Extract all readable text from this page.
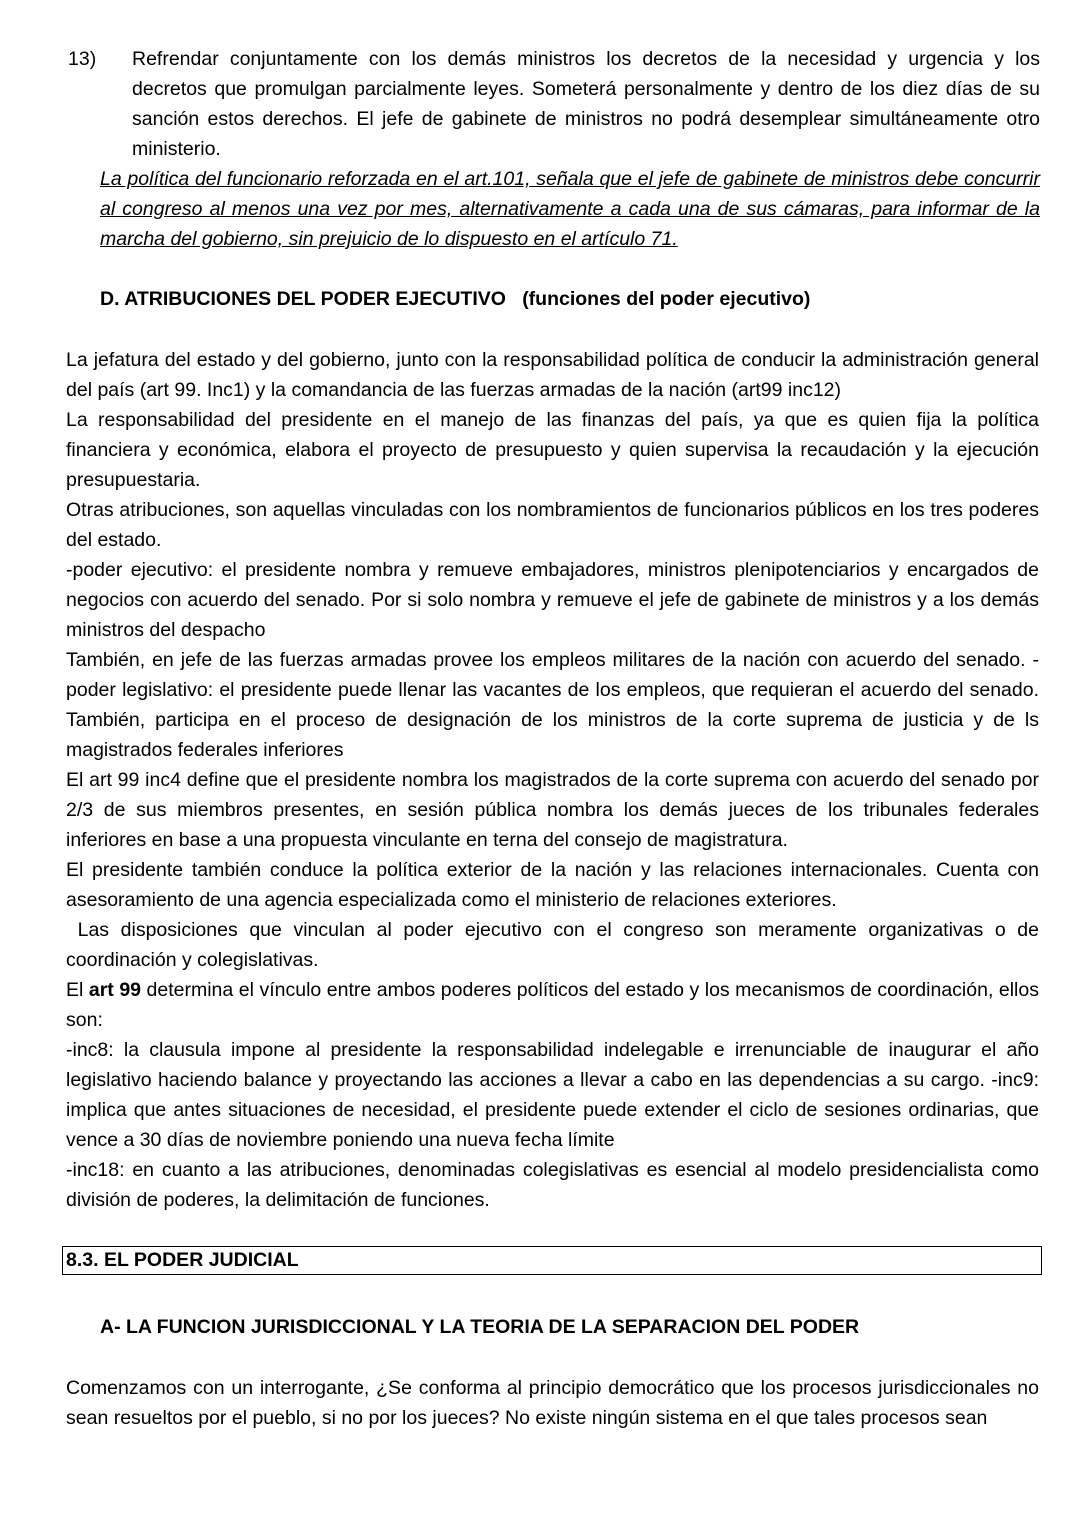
13) Refrendar conjuntamente con los demás ministros los decretos de la necesidad y urgencia y los decretos que promulgan parcialmente leyes. Someterá personalmente y dentro de los diez días de su sanción estos derechos. El jefe de gabinete de ministros no podrá desemplear simultáneamente otro ministerio.

La política del funcionario reforzada en el art.101, señala que el jefe de gabinete de ministros debe concurrir al congreso al menos una vez por mes, alternativamente a cada una de sus cámaras, para informar de la marcha del gobierno, sin prejuicio de lo dispuesto en el artículo 71.

D. ATRIBUCIONES DEL PODER EJECUTIVO   (funciones del poder ejecutivo)

La jefatura del estado y del gobierno, junto con la responsabilidad política de conducir la administración general del país (art 99. Inc1) y la comandancia de las fuerzas armadas de la nación (art99 inc12)

La responsabilidad del presidente en el manejo de las finanzas del país, ya que es quien fija la política financiera y económica, elabora el proyecto de presupuesto y quien supervisa la recaudación y la ejecución presupuestaria.

Otras atribuciones, son aquellas vinculadas con los nombramientos de funcionarios públicos en los tres poderes del estado.

-poder ejecutivo: el presidente nombra y remueve embajadores, ministros plenipotenciarios y encargados de negocios con acuerdo del senado. Por si solo nombra y remueve el jefe de gabinete de ministros y a los demás ministros del despacho

También, en jefe de las fuerzas armadas provee los empleos militares de la nación con acuerdo del senado. -poder legislativo: el presidente puede llenar las vacantes de los empleos, que requieran el acuerdo del senado. También, participa en el proceso de designación de los ministros de la corte suprema de justicia y de ls magistrados federales inferiores

El art 99 inc4 define que el presidente nombra los magistrados de la corte suprema con acuerdo del senado por 2/3 de sus miembros presentes, en sesión pública nombra los demás jueces de los tribunales federales inferiores en base a una propuesta vinculante en terna del consejo de magistratura.

El presidente también conduce la política exterior de la nación y las relaciones internacionales. Cuenta con asesoramiento de una agencia especializada como el ministerio de relaciones exteriores.

Las disposiciones que vinculan al poder ejecutivo con el congreso son meramente organizativas o de coordinación y colegislativas.

El art 99 determina el vínculo entre ambos poderes políticos del estado y los mecanismos de coordinación, ellos son:

-inc8: la clausula impone al presidente la responsabilidad indelegable e irrenunciable de inaugurar el año legislativo haciendo balance y proyectando las acciones a llevar a cabo en las dependencias a su cargo. -inc9: implica que antes situaciones de necesidad, el presidente puede extender el ciclo de sesiones ordinarias, que vence a 30 días de noviembre poniendo una nueva fecha límite

-inc18: en cuanto a las atribuciones, denominadas colegislativas es esencial al modelo presidencialista como división de poderes, la delimitación de funciones.

8.3. EL PODER JUDICIAL
A- LA FUNCION JURISDICCIONAL Y LA TEORIA DE LA SEPARACION DEL PODER

Comenzamos con un interrogante, ¿Se conforma al principio democrático que los procesos jurisdiccionales no sean resueltos por el pueblo, si no por los jueces? No existe ningún sistema en el que tales procesos sean
